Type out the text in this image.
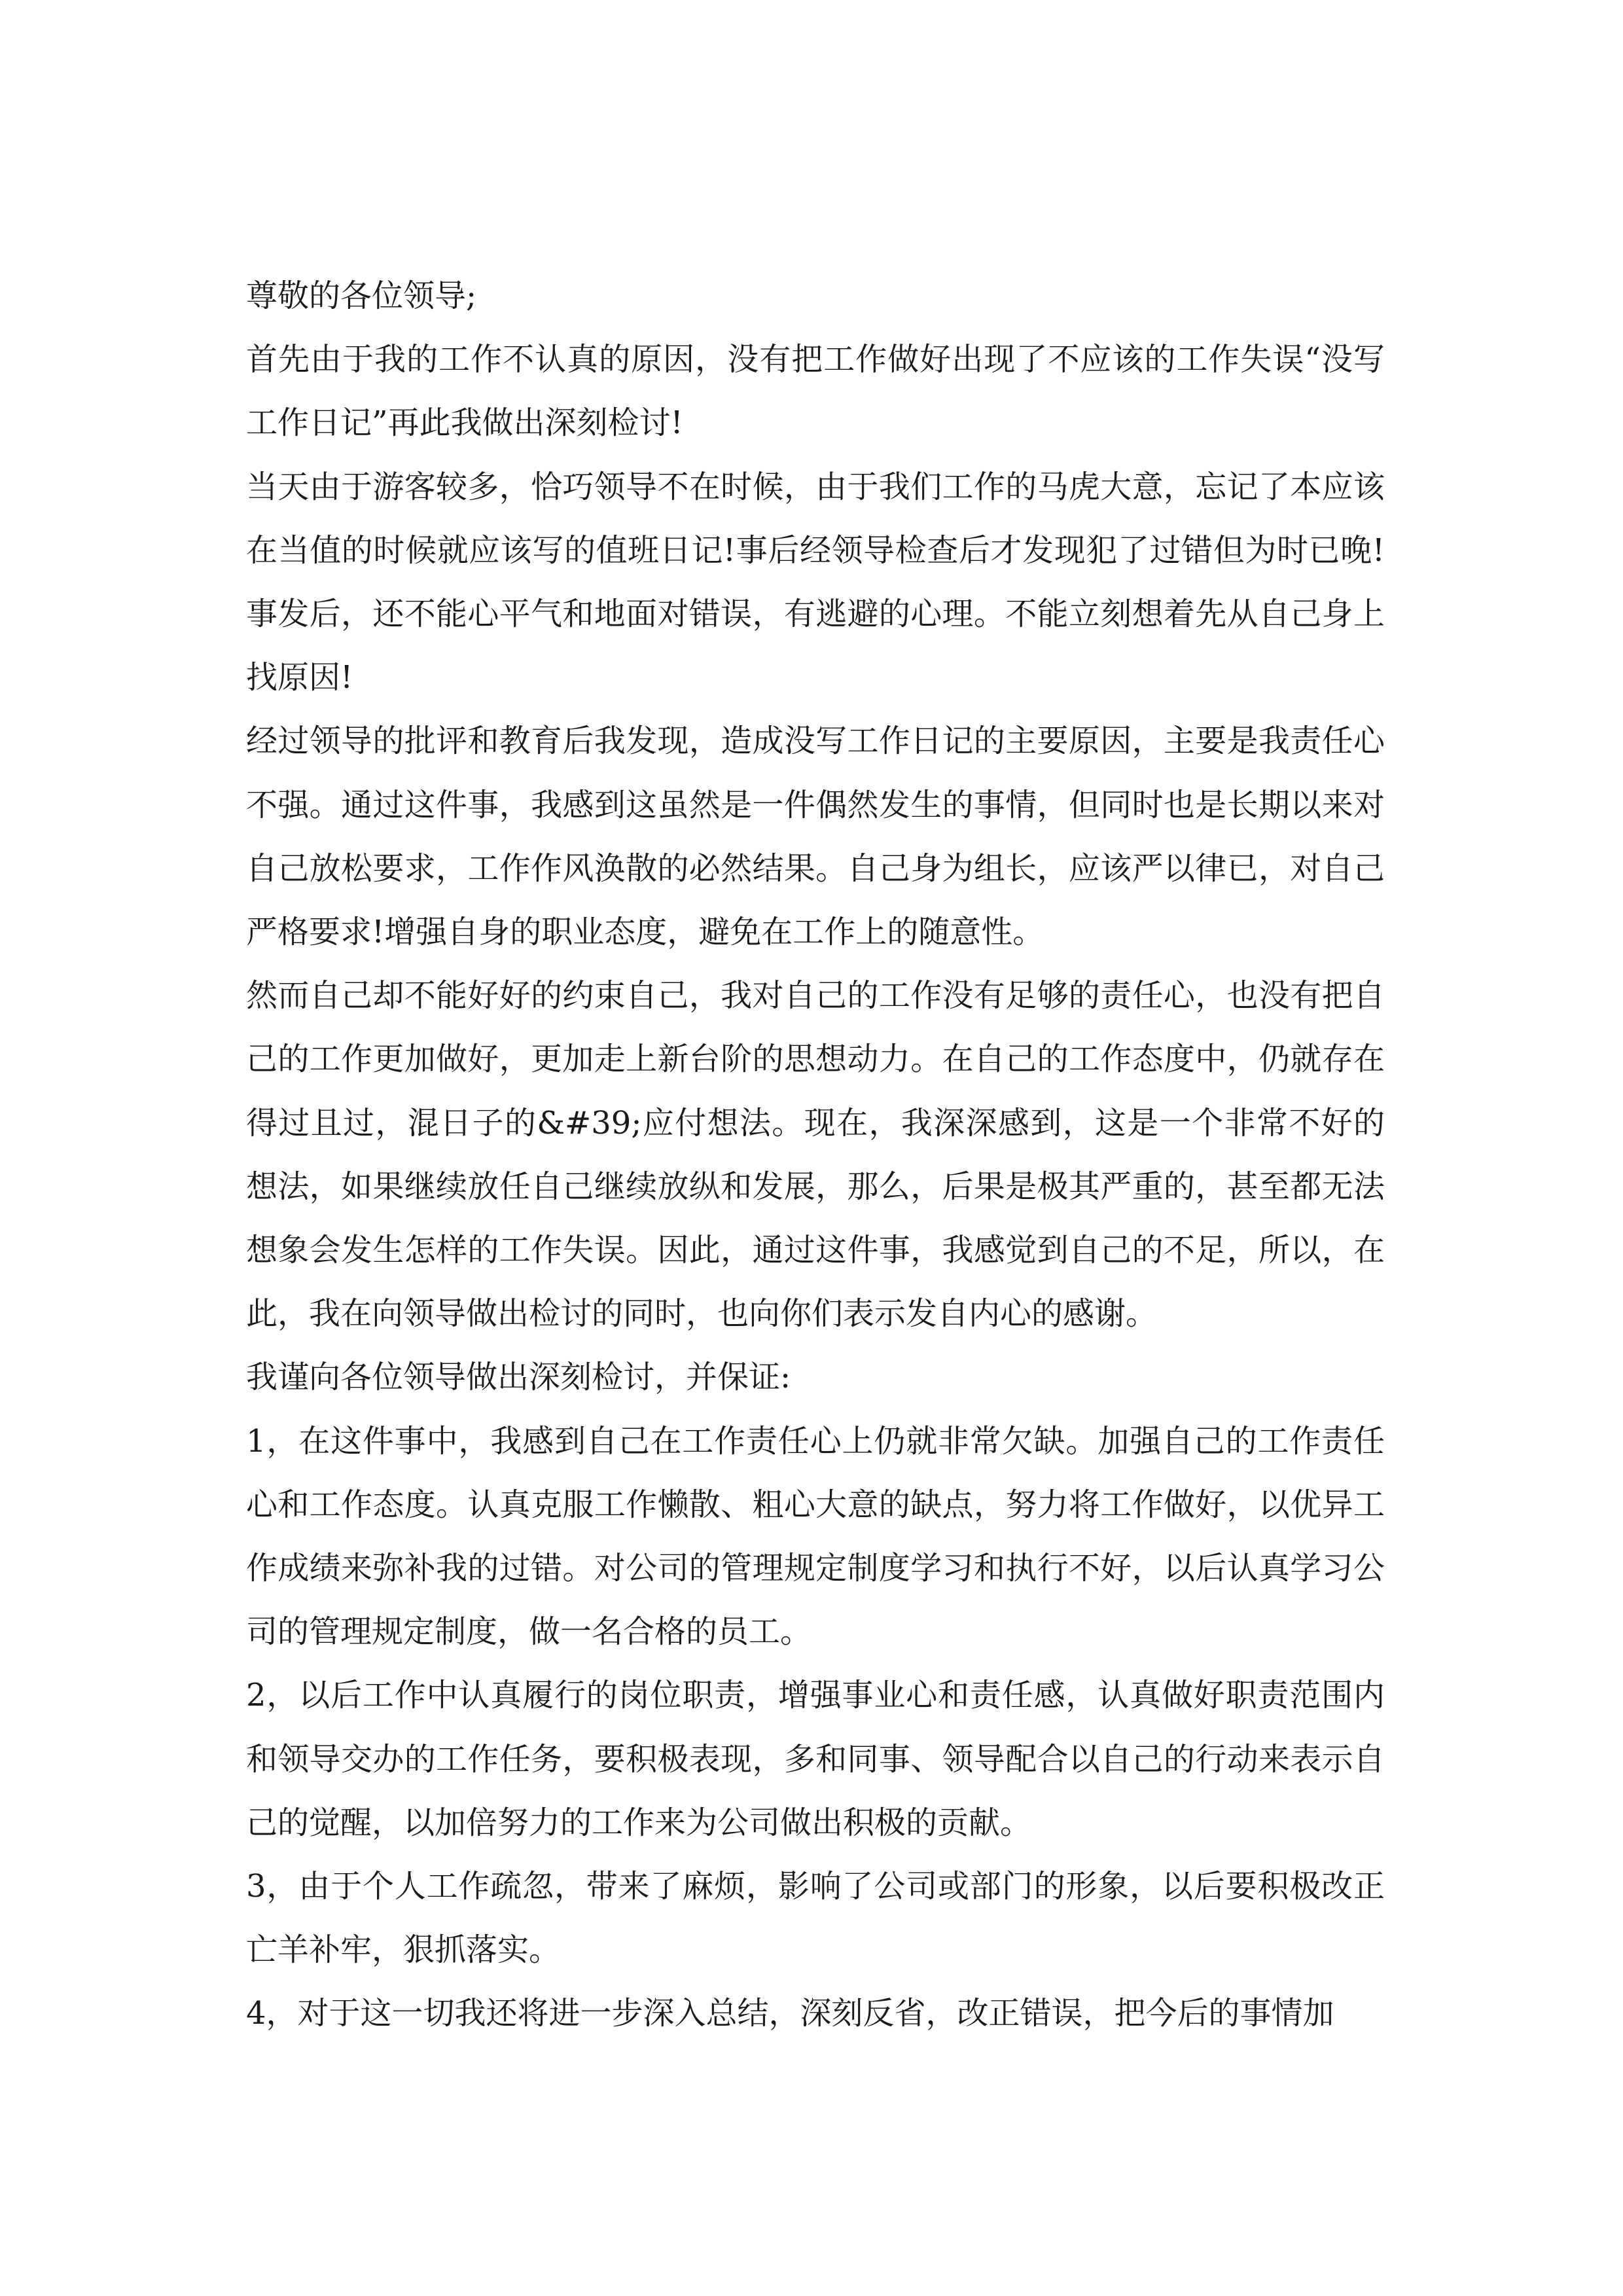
尊敬的各位领导;

首先由于我的工作不认真的原因，没有把工作做好出现了不应该的工作失误“没写工作日记”再此我做出深刻检讨!

当天由于游客较多，恰巧领导不在时候，由于我们工作的马虎大意，忘记了本应该在当值的时候就应该写的值班日记!事后经领导检查后才发现犯了过错但为时已晚!事发后，还不能心平气和地面对错误，有逃避的心理。不能立刻想着先从自己身上找原因!

经过领导的批评和教育后我发现，造成没写工作日记的主要原因，主要是我责任心不强。通过这件事，我感到这虽然是一件偶然发生的事情，但同时也是长期以来对自己放松要求，工作作风涣散的必然结果。自己身为组长，应该严以律已，对自己严格要求!增强自身的职业态度，避免在工作上的随意性。

然而自己却不能好好的约束自己，我对自己的工作没有足够的责任心，也没有把自己的工作更加做好，更加走上新台阶的思想动力。在自己的工作态度中，仍就存在得过且过，混日子的&#39;应付想法。现在，我深深感到，这是一个非常不好的想法，如果继续放任自己继续放纵和发展，那么，后果是极其严重的，甚至都无法想象会发生怎样的工作失误。因此，通过这件事，我感觉到自己的不足，所以，在此，我在向领导做出检讨的同时，也向你们表示发自内心的感谢。

我谨向各位领导做出深刻检讨，并保证:

1，在这件事中，我感到自己在工作责任心上仍就非常欠缺。加强自己的工作责任心和工作态度。认真克服工作懒散、粗心大意的缺点，努力将工作做好，以优异工作成绩来弥补我的过错。对公司的管理规定制度学习和执行不好，以后认真学习公司的管理规定制度，做一名合格的员工。

2，以后工作中认真履行的岗位职责，增强事业心和责任感，认真做好职责范围内和领导交办的工作任务，要积极表现，多和同事、领导配合以自己的行动来表示自己的觉醒，以加倍努力的工作来为公司做出积极的贡献。

3，由于个人工作疏忽，带来了麻烦，影响了公司或部门的形象，以后要积极改正亡羊补牢，狠抓落实。

4，对于这一切我还将进一步深入总结，深刻反省，改正错误，把今后的事情加
